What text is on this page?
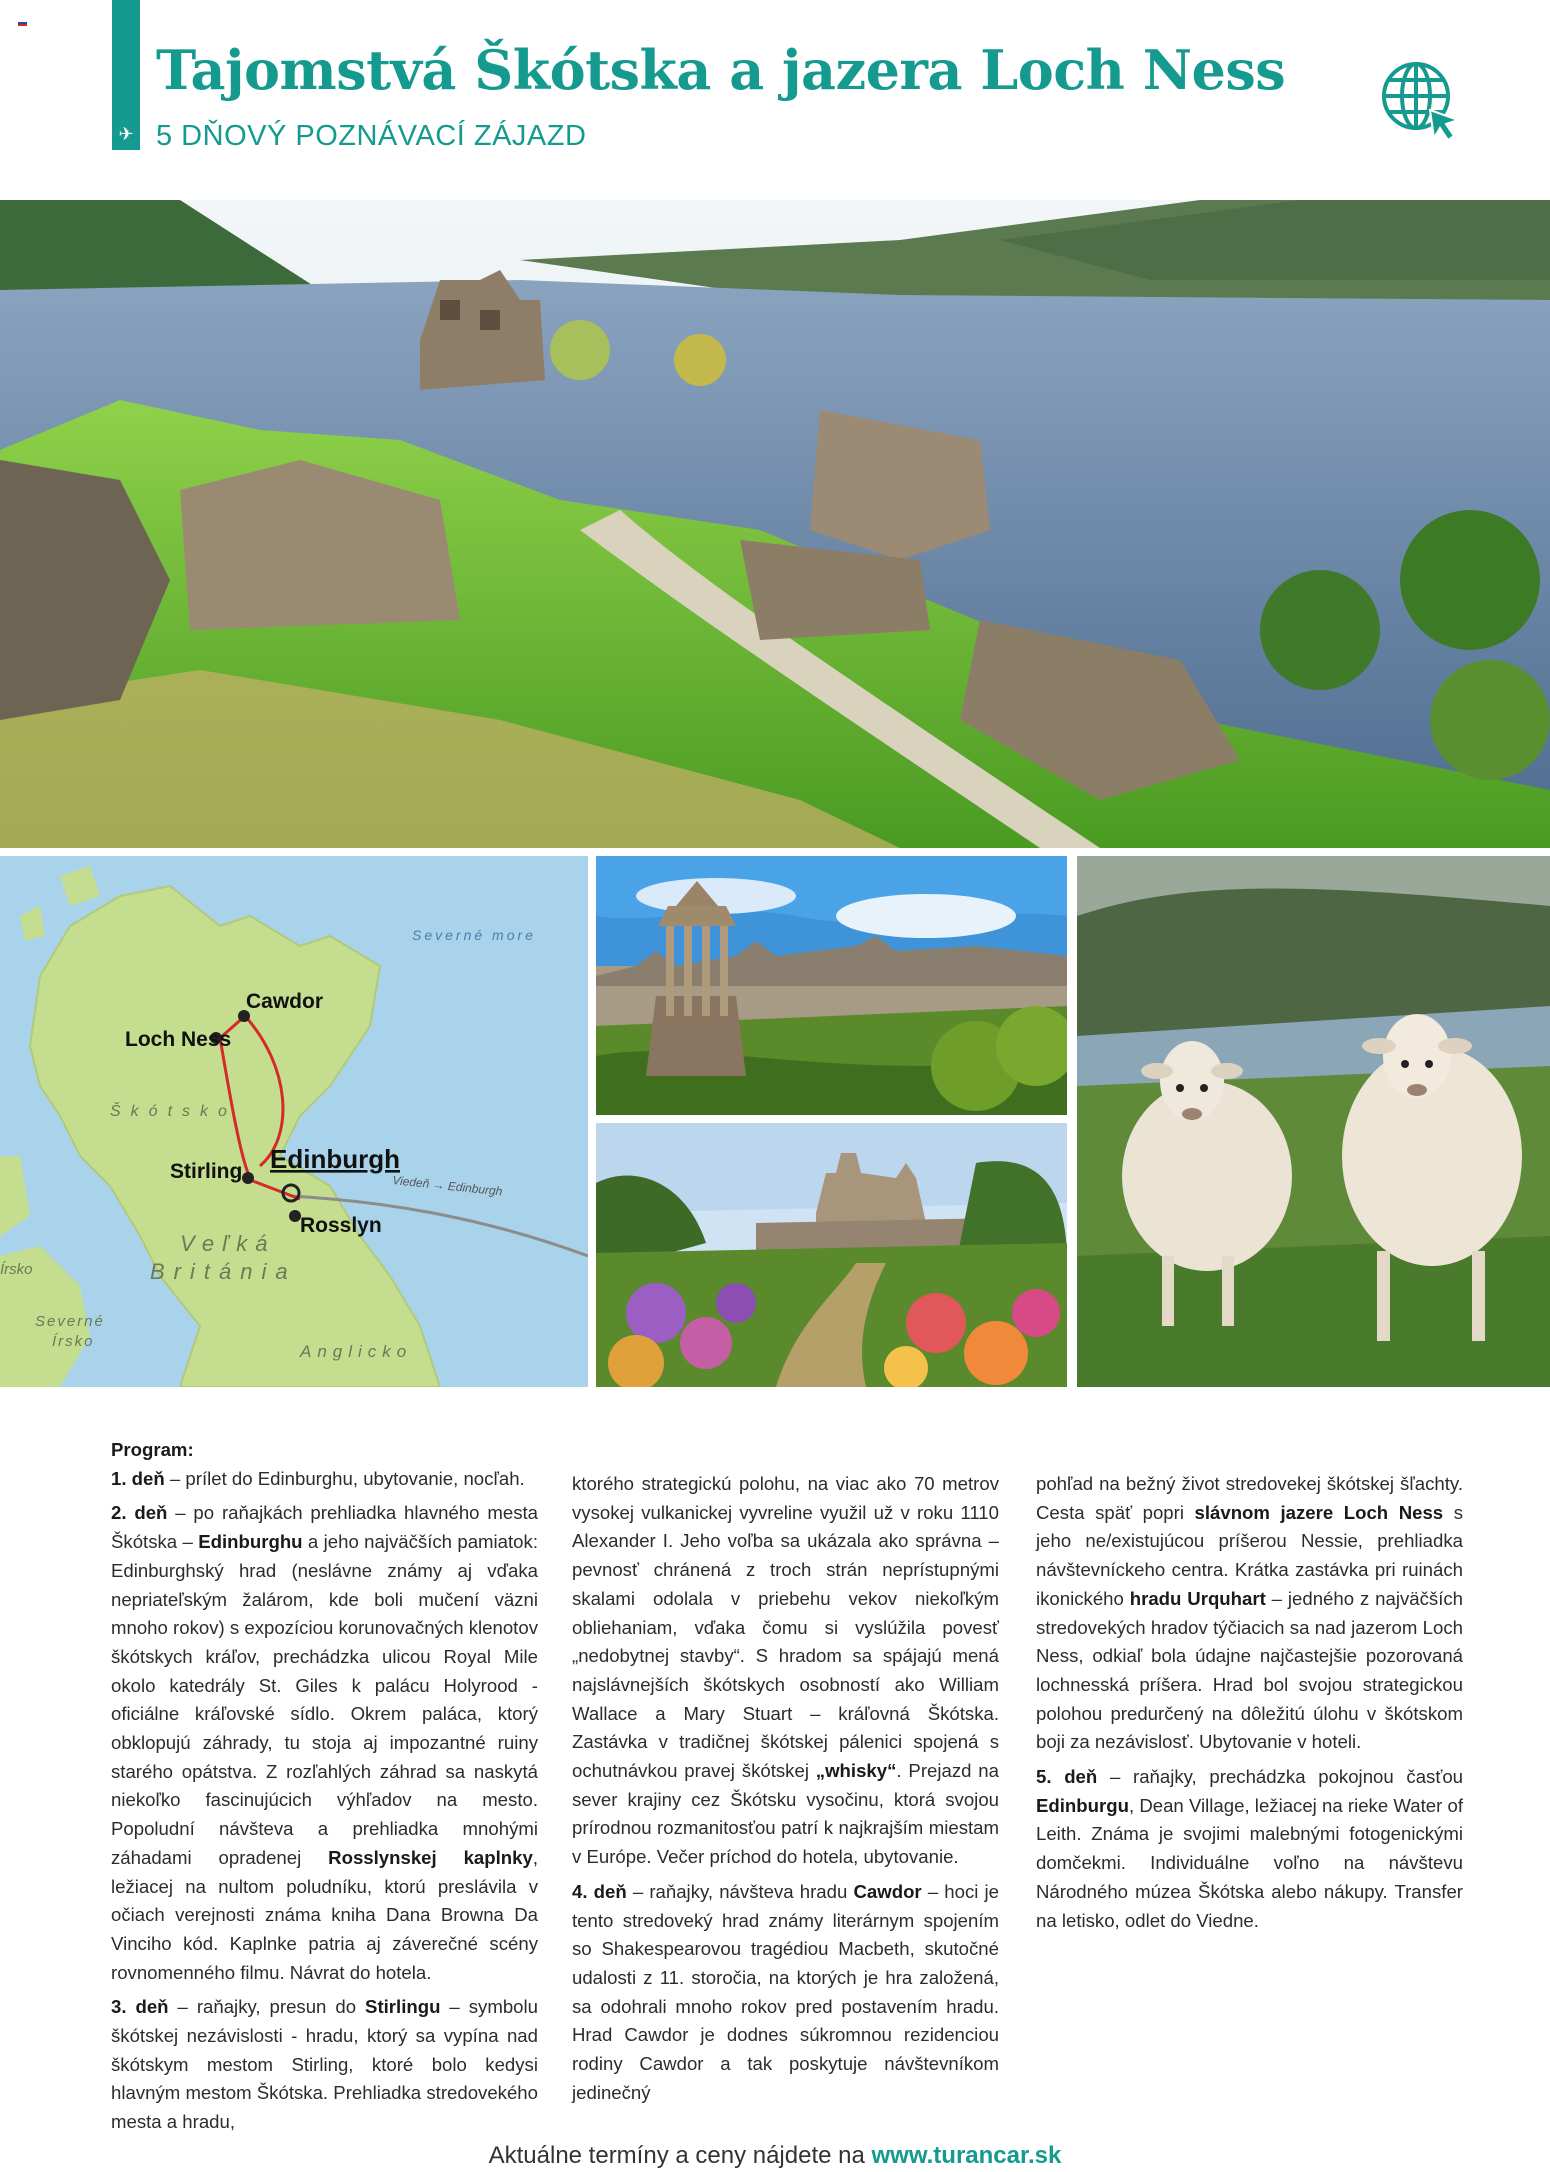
✈
Tajomstvá Škótska a jazera Loch Ness
5 DŇOVÝ POZNÁVACÍ ZÁJAZD
Severné more
Škótsko
Veľká
Británia
Írsko
Severné
Írsko
Anglicko
Viedeň → Edinburgh
Cawdor
Loch Ness
Stirling Edinburgh
Rosslyn

Program:

1. deň – prílet do Edinburghu, ubytovanie, nocľah.

2. deň – po raňajkách prehliadka hlavného mesta Škótska – Edinburghu a jeho najväčších pamiatok: Edinburghský hrad (neslávne známy aj vďaka nepriateľským žalárom, kde boli mučení väzni mnoho rokov) s expozíciou korunovačných klenotov škótskych kráľov, prechádzka ulicou Royal Mile okolo katedrály St. Giles k palácu Holyrood - oficiálne kráľovské sídlo. Okrem paláca, ktorý obklopujú záhrady, tu stoja aj impozantné ruiny starého opátstva. Z rozľahlých záhrad sa naskytá niekoľko fascinujúcich výhľadov na mesto. Popoludní návšteva a prehliadka mnohými záhadami opradenej Rosslynskej kaplnky, ležiacej na nultom poludníku, ktorú preslávila v očiach verejnosti známa kniha Dana Browna Da Vinciho kód. Kaplnke patria aj záverečné scény rovnomenného filmu. Návrat do hotela.

3. deň – raňajky, presun do Stirlingu – symbolu škótskej nezávislosti - hradu, ktorý sa vypína nad škótskym mestom Stirling, ktoré bolo kedysi hlavným mestom Škótska. Prehliadka stredovekého mesta a hradu,

ktorého strategickú polohu, na viac ako 70 metrov vysokej vulkanickej vyvreline využil už v roku 1110 Alexander I. Jeho voľba sa ukázala ako správna – pevnosť chránená z troch strán neprístupnými skalami odolala v priebehu vekov niekoľkým obliehaniam, vďaka čomu si vyslúžila povesť „nedobytnej stavby“. S hradom sa spájajú mená najslávnejších škótskych osobností ako William Wallace a Mary Stuart – kráľovná Škótska. Zastávka v tradičnej škótskej pálenici spojená s ochutnávkou pravej škótskej „whisky“. Prejazd na sever krajiny cez Škótsku vysočinu, ktorá svojou prírodnou rozmanitosťou patrí k najkrajším miestam v Európe. Večer príchod do hotela, ubytovanie.

4. deň – raňajky, návšteva hradu Cawdor – hoci je tento stredoveký hrad známy literárnym spojením so Shakespearovou tragédiou Macbeth, skutočné udalosti z 11. storočia, na ktorých je hra založená, sa odohrali mnoho rokov pred postavením hradu. Hrad Cawdor je dodnes súkromnou rezidenciou rodiny Cawdor a tak poskytuje návštevníkom jedinečný

pohľad na bežný život stredovekej škótskej šľachty. Cesta späť popri slávnom jazere Loch Ness s jeho ne/existujúcou príšerou Nessie, prehliadka návštevníckeho centra. Krátka zastávka pri ruinách ikonického hradu Urquhart – jedného z najväčších stredovekých hradov týčiacich sa nad jazerom Loch Ness, odkiaľ bola údajne najčastejšie pozorovaná lochnesská príšera. Hrad bol svojou strategickou polohou predurčený na dôležitú úlohu v škótskom boji za nezávislosť. Ubytovanie v hoteli.

5. deň – raňajky, prechádzka pokojnou časťou Edinburgu, Dean Village, ležiacej na rieke Water of Leith. Známa je svojimi malebnými fotogenickými domčekmi. Individuálne voľno na návštevu Národného múzea Škótska alebo nákupy. Transfer na letisko, odlet do Viedne.

Aktuálne termíny a ceny nájdete na www.turancar.sk
